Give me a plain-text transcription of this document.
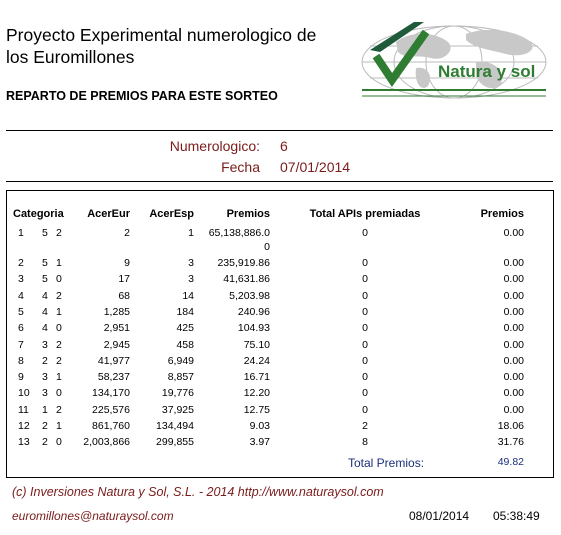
Proyecto Experimental numerologico de
los Euromillones
REPARTO DE PREMIOS PARA ESTE SORTEO
Natura y sol
Numerologico: 6
Fecha 07/01/2014
Categoria	AcerEur	AcerEsp	Premios	Total APIs premiadas	Premios
1	5 2	2	1	65,138,886.0	0	0.00
0
2	5 1	9	3	235,919.86	0	0.00
3	5 0	17	3	41,631.86	0	0.00
4	4 2	68	14	5,203.98	0	0.00
5	4 1	1,285	184	240.96	0	0.00
6	4 0	2,951	425	104.93	0	0.00
7	3 2	2,945	458	75.10	0	0.00
8	2 2	41,977	6,949	24.24	0	0.00
9	3 1	58,237	8,857	16.71	0	0.00
10 3 0	134,170	19,776	12.20	0	0.00
11 1 2	225,576	37,925	12.75	0	0.00
12 2 1	861,760	134,494	9.03	2	18.06
13 2 0	2,003,866	299,855	3.97	8	31.76
Total Premios:	49.82
(c) Inversiones Natura y Sol, S.L. - 2014 http://www.naturaysol.com
euromillones@naturaysol.com	08/01/2014 05:38:49
